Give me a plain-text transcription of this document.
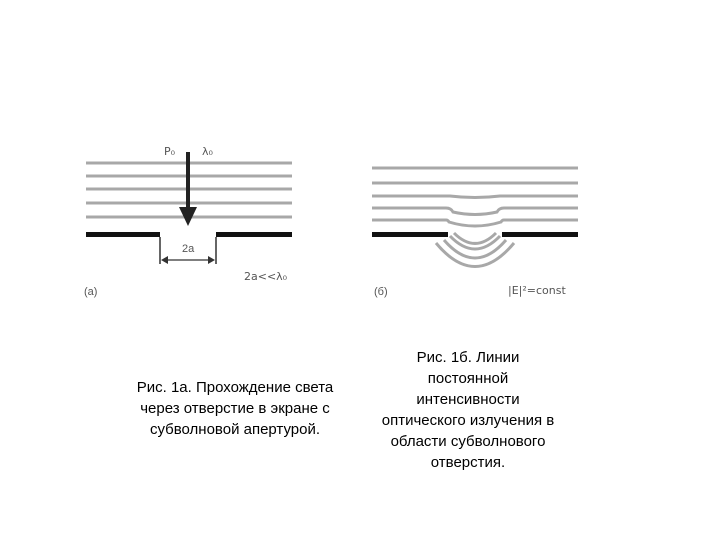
P₀ λ₀
2a
2a<<λ₀
(a)	(б)	|E|²=const
Рис. 1а. Прохождение света
через отверстие в экране с
субволновой апертурой.
Рис. 1б. Линии
постоянной
интенсивности
оптического излучения в
области субволнового
отверстия.
